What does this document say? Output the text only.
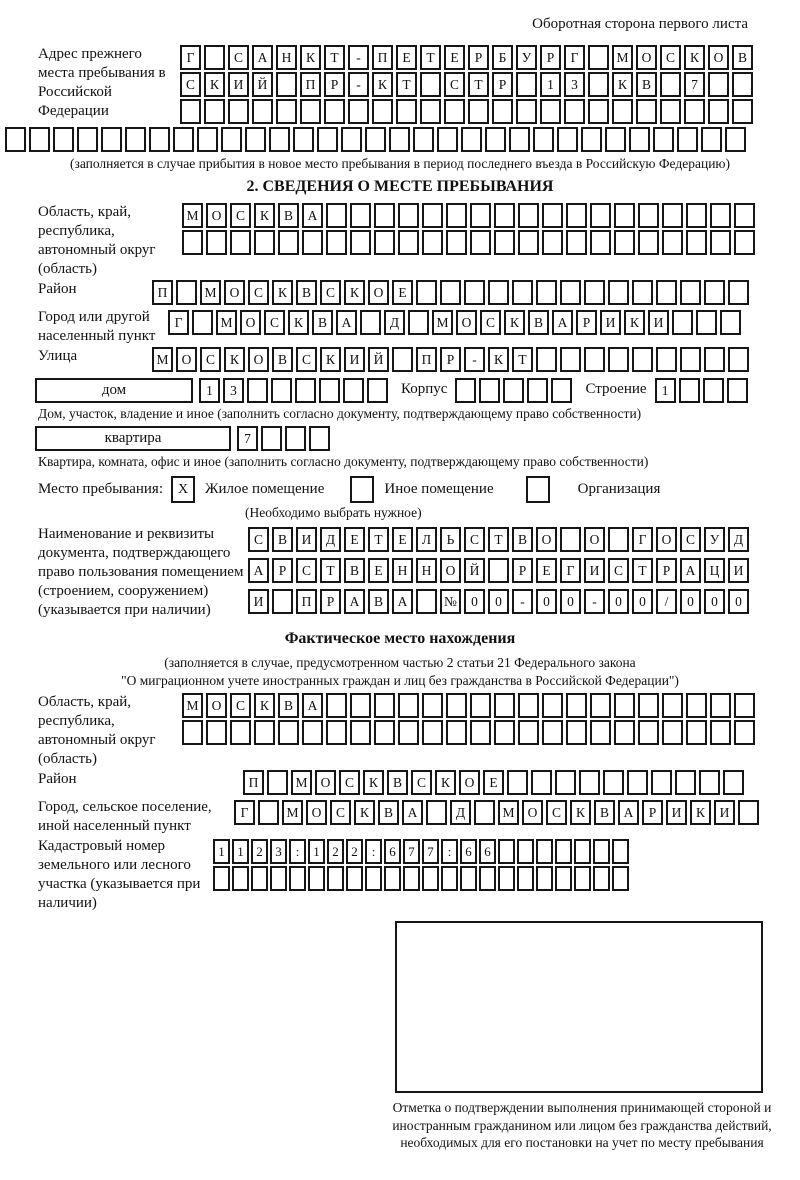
Оборотная сторона первого листа
Адрес прежнего места пребывания в Российской Федерации
Г	С	А	Н	К	Т	-	П	Е	Т	Е	Р	Б	У	Р	Г	М О	С	К	О	В
С	К	И	Й	П	Р	-	К	Т	С	Т	Р	1	3	К	В	7
(заполняется в случае прибытия в новое место пребывания в период последнего въезда в Российскую Федерацию)
2. СВЕДЕНИЯ О МЕСТЕ ПРЕБЫВАНИЯ
Область, край, республика, автономный округ (область)
М О	С	К	В	А
Район	П	М О	С	К	В	С	К	О	Е
Город или другой населенный пункт
Г	М О	С	К	В	А	Д	М О	С	К	В	А	Р	И	К	И
Улица	М О	С	К	О	В	С	К	И	Й	П	Р	-	К	Т
дом	1	3	Корпус	Строение	1
Дом, участок, владение и иное (заполнить согласно документу, подтверждающему право собственности)
квартира	7
Квартира, комната, офис и иное (заполнить согласно документу, подтверждающему право собственности)
Место пребывания:	X	Жилое помещение	Иное помещение	Организация
(Необходимо выбрать нужное)
Наименование и реквизиты документа, подтверждающего право пользования помещением (строением, сооружением) (указывается при наличии)
С	В	И	Д	Е	Т	Е	Л	Ь	С	Т	В	О	О	Г	О	С	У	Д
А	Р	С	Т	В	Е	Н	Н	О	Й	Р	Е	Г	И	С	Т	Р	А	Ц	И
И	П	Р	А	В	А	№	0	0	-	0	0	-	0	0	/	0	0	0
Фактическое место нахождения
(заполняется в случае, предусмотренном частью 2 статьи 21 Федерального закона
"О миграционном учете иностранных граждан и лиц без гражданства в Российской Федерации")
Область, край, республика, автономный округ (область)
М О	С	К	В	А
Район	П	М О	С	К	В	С	К	О	Е
Город, сельское поселение, иной населенный пункт
Г	М О	С	К	В	А	Д	М О	С	К	В	А	Р	И	К	И
Кадастровый номер земельного или лесного участка (указывается при наличии)
1 1 2 3	:	1 2 2	:	6 7 7	:	6 6
Отметка о подтверждении выполнения принимающей стороной и иностранным гражданином или лицом без гражданства действий, необходимых для его постановки на учет по месту пребывания
